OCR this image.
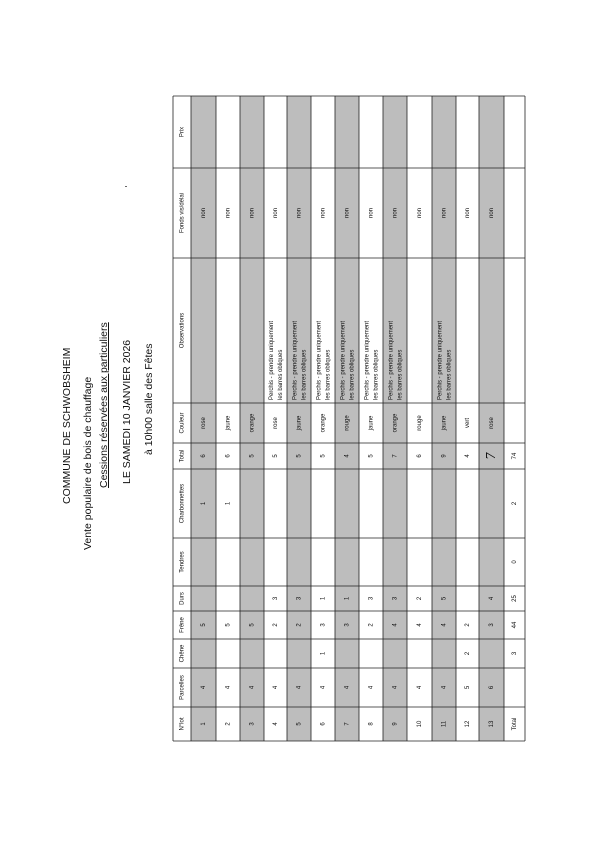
COMMUNE DE SCHWOBSHEIM Vente populaire de bois de chauffage Cessions réservées aux particuliers LE SAMEDI 10 JANVIER 2026 à 10h00 salle des Fêtes
N°lot
Parcelles
Chêne
Frêne
Durs
Tendres
Charbonnettes
Total
Couleur
Observations
Fonds vis/délai
Prix
1
4
5
1
6
rose
non
2
4
5
1
6
jaune
non
3
4
5
5
orange
non
4
4
2
3
5
rose
Perchis - prendre uniquement les barres obliques
non
5
4
2
3
5
jaune
Perchis - prendre uniquement les barres obliques
non
6
4
1
3
1
5
orange
Perchis - prendre uniquement les barres obliques
non
7
4
3
1
4
rouge
Perchis - prendre uniquement les barres obliques
non
8
4
2
3
5
jaune
Perchis - prendre uniquement les barres obliques
non
9
4
4
3
7
orange
Perchis - prendre uniquement les barres obliques
non
10
4
4
2
6
rouge
non
11
4
4
5
9
jaune
Perchis - prendre uniquement les barres obliques
non
12
5
2
2
4
vert
non
13
6
3
4
7
rose
non
Total
3
44
25
0
2
74
